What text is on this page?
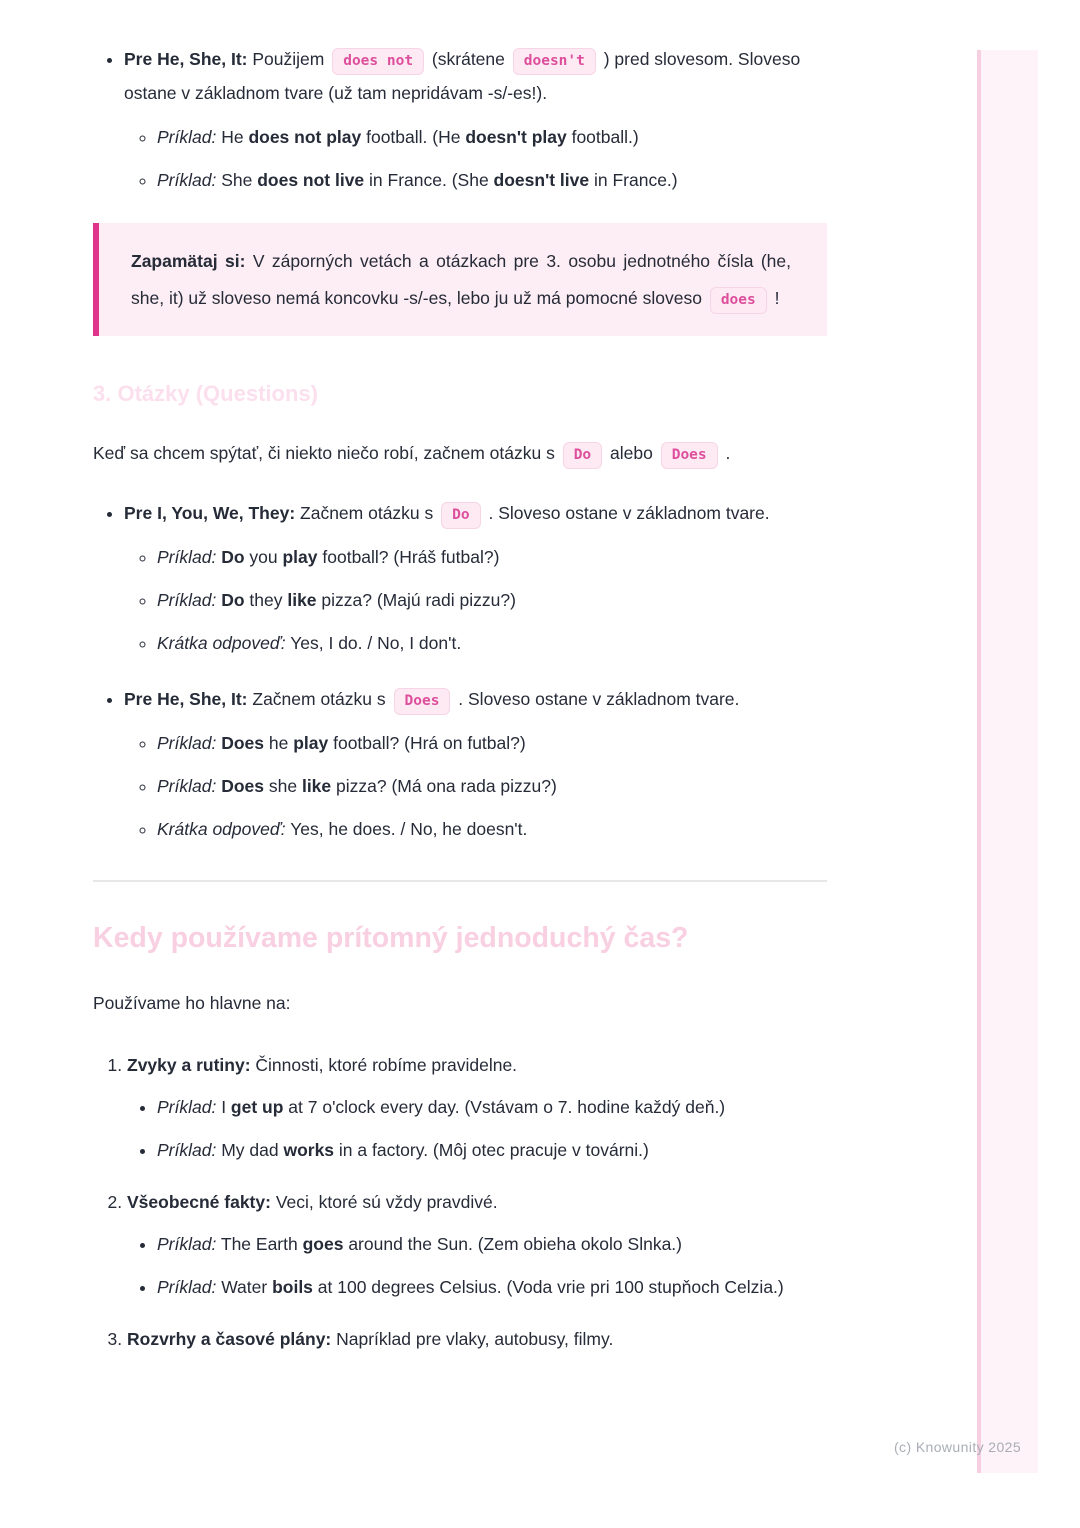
• Pre He, She, It: Použijem does not (skrátene doesn't ) pred slovesom. Sloveso ostane v základnom tvare (už tam nepridávam -s/-es!).
◦ Príklad: He does not play football. (He doesn't play football.)
◦ Príklad: She does not live in France. (She doesn't live in France.)
Zapamätaj si: V záporných vetách a otázkach pre 3. osobu jednotného čísla (he, she, it) už sloveso nemá koncovku -s/-es, lebo ju už má pomocné sloveso does !
3. Otázky (Questions)

Keď sa chcem spýtať, či niekto niečo robí, začnem otázku s Do alebo Does .

• Pre I, You, We, They: Začnem otázku s Do . Sloveso ostane v základnom tvare.
◦ Príklad: Do you play football? (Hráš futbal?)
◦ Príklad: Do they like pizza? (Majú radi pizzu?)
◦ Krátka odpoveď: Yes, I do. / No, I don't.
• Pre He, She, It: Začnem otázku s Does . Sloveso ostane v základnom tvare.
◦ Príklad: Does he play football? (Hrá on futbal?)
◦ Príklad: Does she like pizza? (Má ona rada pizzu?)
◦ Krátka odpoveď: Yes, he does. / No, he doesn't.
Kedy používame prítomný jednoduchý čas?

Používame ho hlavne na:

1. Zvyky a rutiny: Činnosti, ktoré robíme pravidelne.
• Príklad: I get up at 7 o'clock every day. (Vstávam o 7. hodine každý deň.)
• Príklad: My dad works in a factory. (Môj otec pracuje v továrni.)
2. Všeobecné fakty: Veci, ktoré sú vždy pravdivé.
• Príklad: The Earth goes around the Sun. (Zem obieha okolo Slnka.)
• Príklad: Water boils at 100 degrees Celsius. (Voda vrie pri 100 stupňoch Celzia.)
3. Rozvrhy a časové plány: Napríklad pre vlaky, autobusy, filmy.
(c) Knowunity 2025
